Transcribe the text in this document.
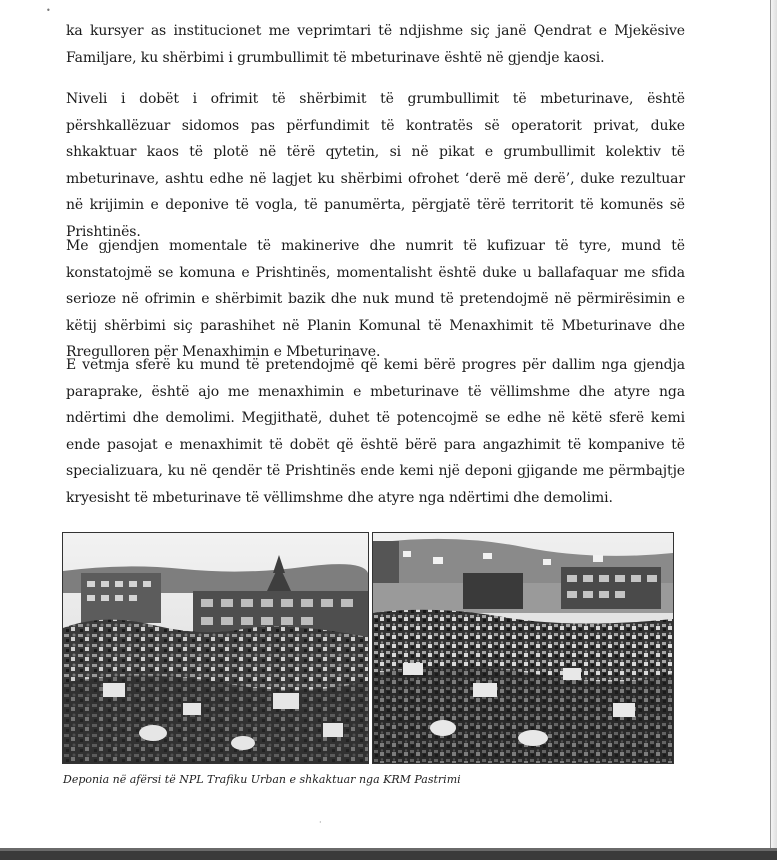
•

ka kursyer as institucionet me veprimtari të ndjishme siç janë Qendrat e Mjekësive Familjare, ku shërbimi i grumbullimit të mbeturinave është në gjendje kaosi.

Niveli i dobët i ofrimit të shërbimit të grumbullimit të mbeturinave, është përshkallëzuar sidomos pas përfundimit të kontratës së operatorit privat, duke shkaktuar kaos të plotë në tërë qytetin, si në pikat e grumbullimit kolektiv të mbeturinave, ashtu edhe në lagjet ku shërbimi ofrohet ‘derë më derë’, duke rezultuar në krijimin e deponive të vogla, të panumërta, përgjatë tërë territorit të komunës së Prishtinës.

Me gjendjen momentale të makinerive dhe numrit të kufizuar të tyre, mund të konstatojmë se komuna e Prishtinës, momentalisht është duke u ballafaquar me sfida serioze në ofrimin e shërbimit bazik dhe nuk mund të pretendojmë në përmirësimin e këtij shërbimi siç parashihet në Planin Komunal të Menaxhimit të Mbeturinave dhe Rregulloren për Menaxhimin e Mbeturinave.

E vetmja sferë ku mund të pretendojmë që kemi bërë progres për dallim nga gjendja paraprake, është ajo me menaxhimin e mbeturinave të vëllimshme dhe atyre nga ndërtimi dhe demolimi. Megjithatë, duhet të potencojmë se edhe në këtë sferë kemi ende pasojat e menaxhimit të dobët që është bërë para angazhimit të kompanive të specializuara, ku në qendër të Prishtinës ende kemi një deponi gjigande me përmbajtje kryesisht të mbeturinave të vëllimshme dhe atyre nga ndërtimi dhe demolimi.

Deponia në afërsi të NPL Trafiku Urban e shkaktuar nga KRM Pastrimi

·
